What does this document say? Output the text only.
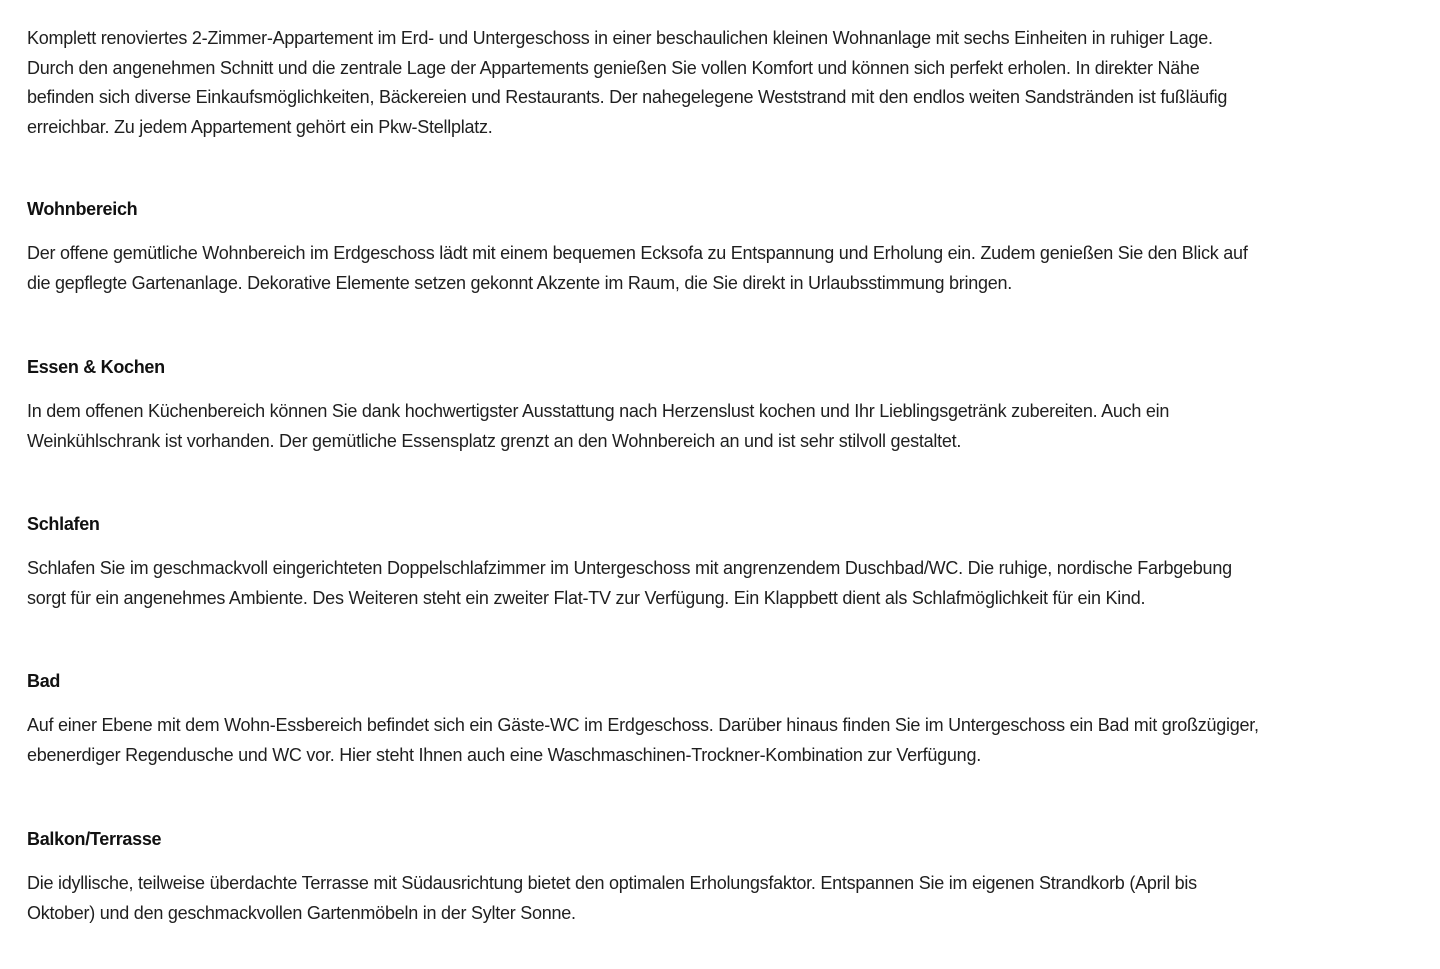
Komplett renoviertes 2-Zimmer-Appartement im Erd- und Untergeschoss in einer beschaulichen kleinen Wohnanlage mit sechs Einheiten in ruhiger Lage.
Durch den angenehmen Schnitt und die zentrale Lage der Appartements genießen Sie vollen Komfort und können sich perfekt erholen. In direkter Nähe
befinden sich diverse Einkaufsmöglichkeiten, Bäckereien und Restaurants. Der nahegelegene Weststrand mit den endlos weiten Sandstränden ist fußläufig
erreichbar. Zu jedem Appartement gehört ein Pkw-Stellplatz.

Wohnbereich

Der offene gemütliche Wohnbereich im Erdgeschoss lädt mit einem bequemen Ecksofa zu Entspannung und Erholung ein. Zudem genießen Sie den Blick auf
die gepflegte Gartenanlage. Dekorative Elemente setzen gekonnt Akzente im Raum, die Sie direkt in Urlaubsstimmung bringen.

Essen & Kochen

In dem offenen Küchenbereich können Sie dank hochwertigster Ausstattung nach Herzenslust kochen und Ihr Lieblingsgetränk zubereiten. Auch ein
Weinkühlschrank ist vorhanden. Der gemütliche Essensplatz grenzt an den Wohnbereich an und ist sehr stilvoll gestaltet.

Schlafen

Schlafen Sie im geschmackvoll eingerichteten Doppelschlafzimmer im Untergeschoss mit angrenzendem Duschbad/WC. Die ruhige, nordische Farbgebung
sorgt für ein angenehmes Ambiente. Des Weiteren steht ein zweiter Flat-TV zur Verfügung. Ein Klappbett dient als Schlafmöglichkeit für ein Kind.

Bad

Auf einer Ebene mit dem Wohn-Essbereich befindet sich ein Gäste-WC im Erdgeschoss. Darüber hinaus finden Sie im Untergeschoss ein Bad mit großzügiger,
ebenerdiger Regendusche und WC vor. Hier steht Ihnen auch eine Waschmaschinen-Trockner-Kombination zur Verfügung.

Balkon/Terrasse

Die idyllische, teilweise überdachte Terrasse mit Südausrichtung bietet den optimalen Erholungsfaktor. Entspannen Sie im eigenen Strandkorb (April bis
Oktober) und den geschmackvollen Gartenmöbeln in der Sylter Sonne.
